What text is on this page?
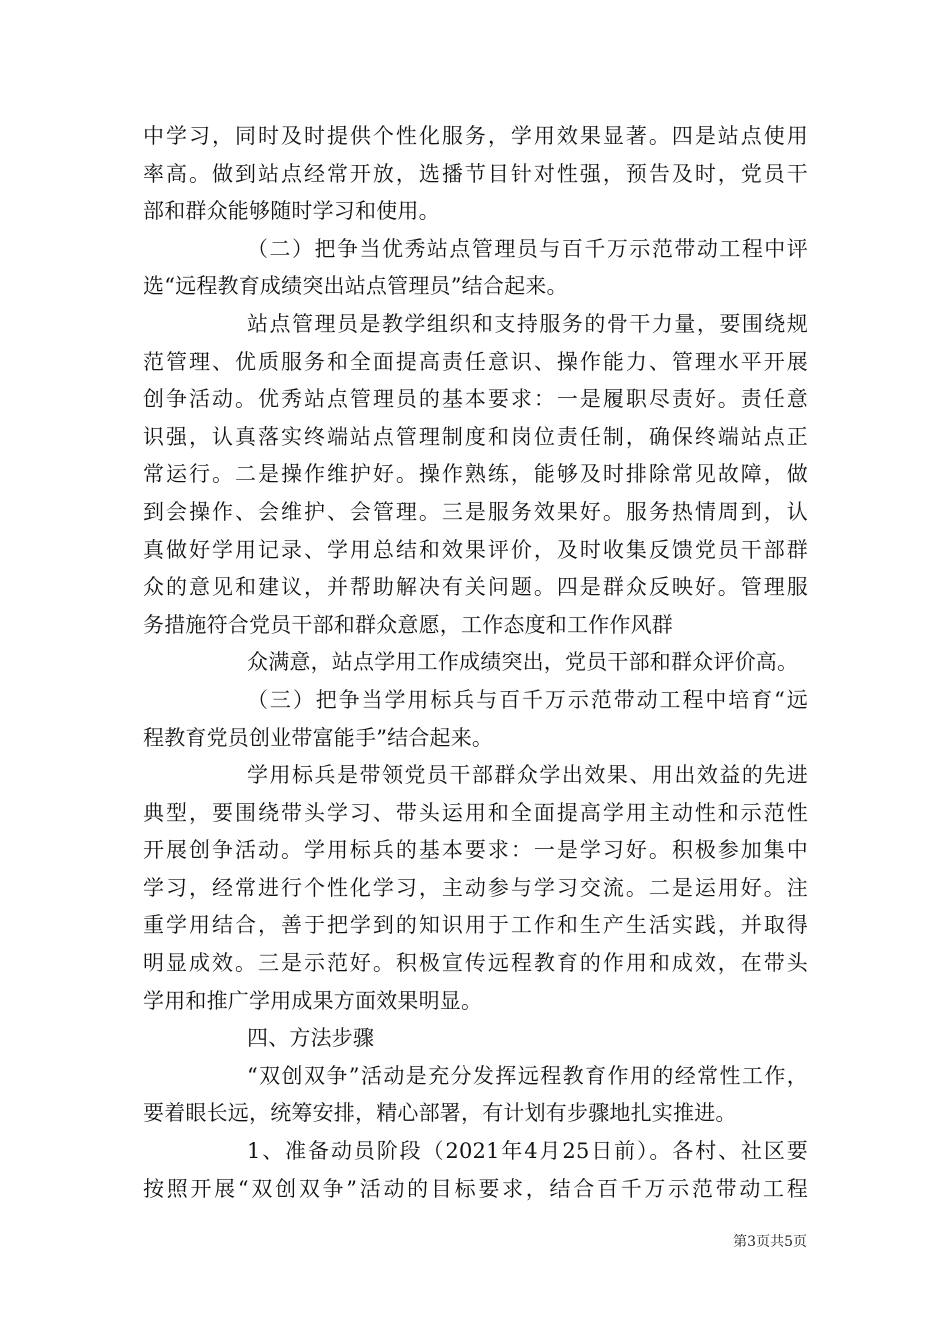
中学习，同时及时提供个性化服务，学用效果显著。四是站点使用
率高。做到站点经常开放，选播节目针对性强，预告及时，党员干
部和群众能够随时学习和使用。
（二）把争当优秀站点管理员与百千万示范带动工程中评
选“远程教育成绩突出站点管理员”结合起来。
站点管理员是教学组织和支持服务的骨干力量，要围绕规
范管理、优质服务和全面提高责任意识、操作能力、管理水平开展
创争活动。优秀站点管理员的基本要求：一是履职尽责好。责任意
识强，认真落实终端站点管理制度和岗位责任制，确保终端站点正
常运行。二是操作维护好。操作熟练，能够及时排除常见故障，做
到会操作、会维护、会管理。三是服务效果好。服务热情周到，认
真做好学用记录、学用总结和效果评价，及时收集反馈党员干部群
众的意见和建议，并帮助解决有关问题。四是群众反映好。管理服
务措施符合党员干部和群众意愿，工作态度和工作作风群
众满意，站点学用工作成绩突出，党员干部和群众评价高。
（三）把争当学用标兵与百千万示范带动工程中培育“远
程教育党员创业带富能手”结合起来。
学用标兵是带领党员干部群众学出效果、用出效益的先进
典型，要围绕带头学习、带头运用和全面提高学用主动性和示范性
开展创争活动。学用标兵的基本要求：一是学习好。积极参加集中
学习，经常进行个性化学习，主动参与学习交流。二是运用好。注
重学用结合，善于把学到的知识用于工作和生产生活实践，并取得
明显成效。三是示范好。积极宣传远程教育的作用和成效，在带头
学用和推广学用成果方面效果明显。
四、方法步骤
“双创双争”活动是充分发挥远程教育作用的经常性工作，
要着眼长远，统筹安排，精心部署，有计划有步骤地扎实推进。
1、准备动员阶段（2021年4月25日前）。各村、社区要
按照开展“双创双争”活动的目标要求，结合百千万示范带动工程
第3页共5页
